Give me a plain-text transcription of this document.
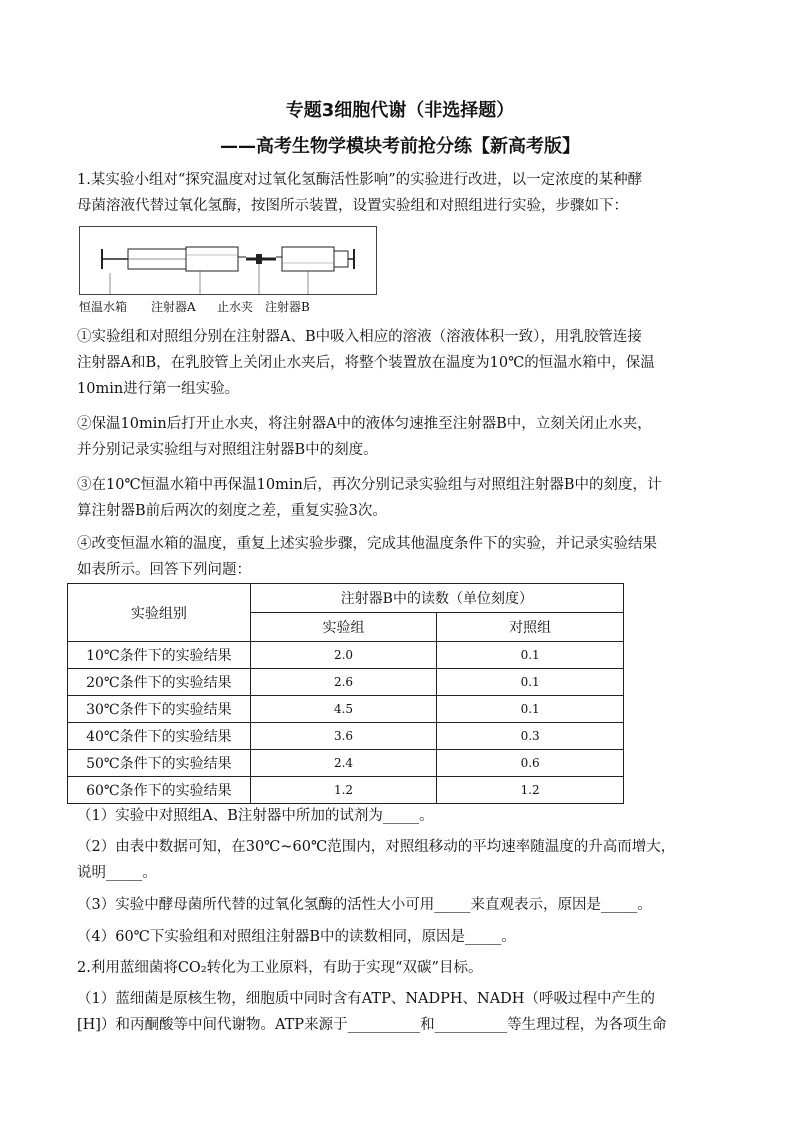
专题3细胞代谢（非选择题）
——高考生物学模块考前抢分练【新高考版】
1.某实验小组对“探究温度对过氧化氢酶活性影响”的实验进行改进，以一定浓度的某种酵
母菌溶液代替过氧化氢酶，按图所示装置，设置实验组和对照组进行实验，步骤如下：
恒温水箱 注射器A 止水夹 注射器B
①实验组和对照组分别在注射器A、B中吸入相应的溶液（溶液体积一致），用乳胶管连接
注射器A和B，在乳胶管上关闭止水夹后，将整个装置放在温度为10℃的恒温水箱中，保温
10min进行第一组实验。
②保温10min后打开止水夹，将注射器A中的液体匀速推至注射器B中，立刻关闭止水夹，
并分别记录实验组与对照组注射器B中的刻度。
③在10℃恒温水箱中再保温10min后，再次分别记录实验组与对照组注射器B中的刻度，计
算注射器B前后两次的刻度之差，重复实验3次。
④改变恒温水箱的温度，重复上述实验步骤，完成其他温度条件下的实验，并记录实验结果
如表所示。回答下列问题：
实验组别	注射器B中的读数（单位刻度）	
	实验组	对照组
10℃条件下的实验结果	2.0	0.1
20℃条件下的实验结果	2.6	0.1
30℃条件下的实验结果	4.5	0.1
40℃条件下的实验结果	3.6	0.3
50℃条件下的实验结果	2.4	0.6
60℃条作下的实验结果	1.2	1.2
（1）实验中对照组A、B注射器中所加的试剂为_____。
（2）由表中数据可知，在30℃~60℃范围内，对照组移动的平均速率随温度的升高而增大，
说明_____。
（3）实验中酵母菌所代替的过氧化氢酶的活性大小可用_____来直观表示，原因是_____。
（4）60℃下实验组和对照组注射器B中的读数相同，原因是_____。
2.利用蓝细菌将CO₂转化为工业原料，有助于实现“双碳”目标。
（1）蓝细菌是原核生物，细胞质中同时含有ATP、NADPH、NADH（呼吸过程中产生的
[H]）和丙酮酸等中间代谢物。ATP来源于__________和__________等生理过程，为各项生命
